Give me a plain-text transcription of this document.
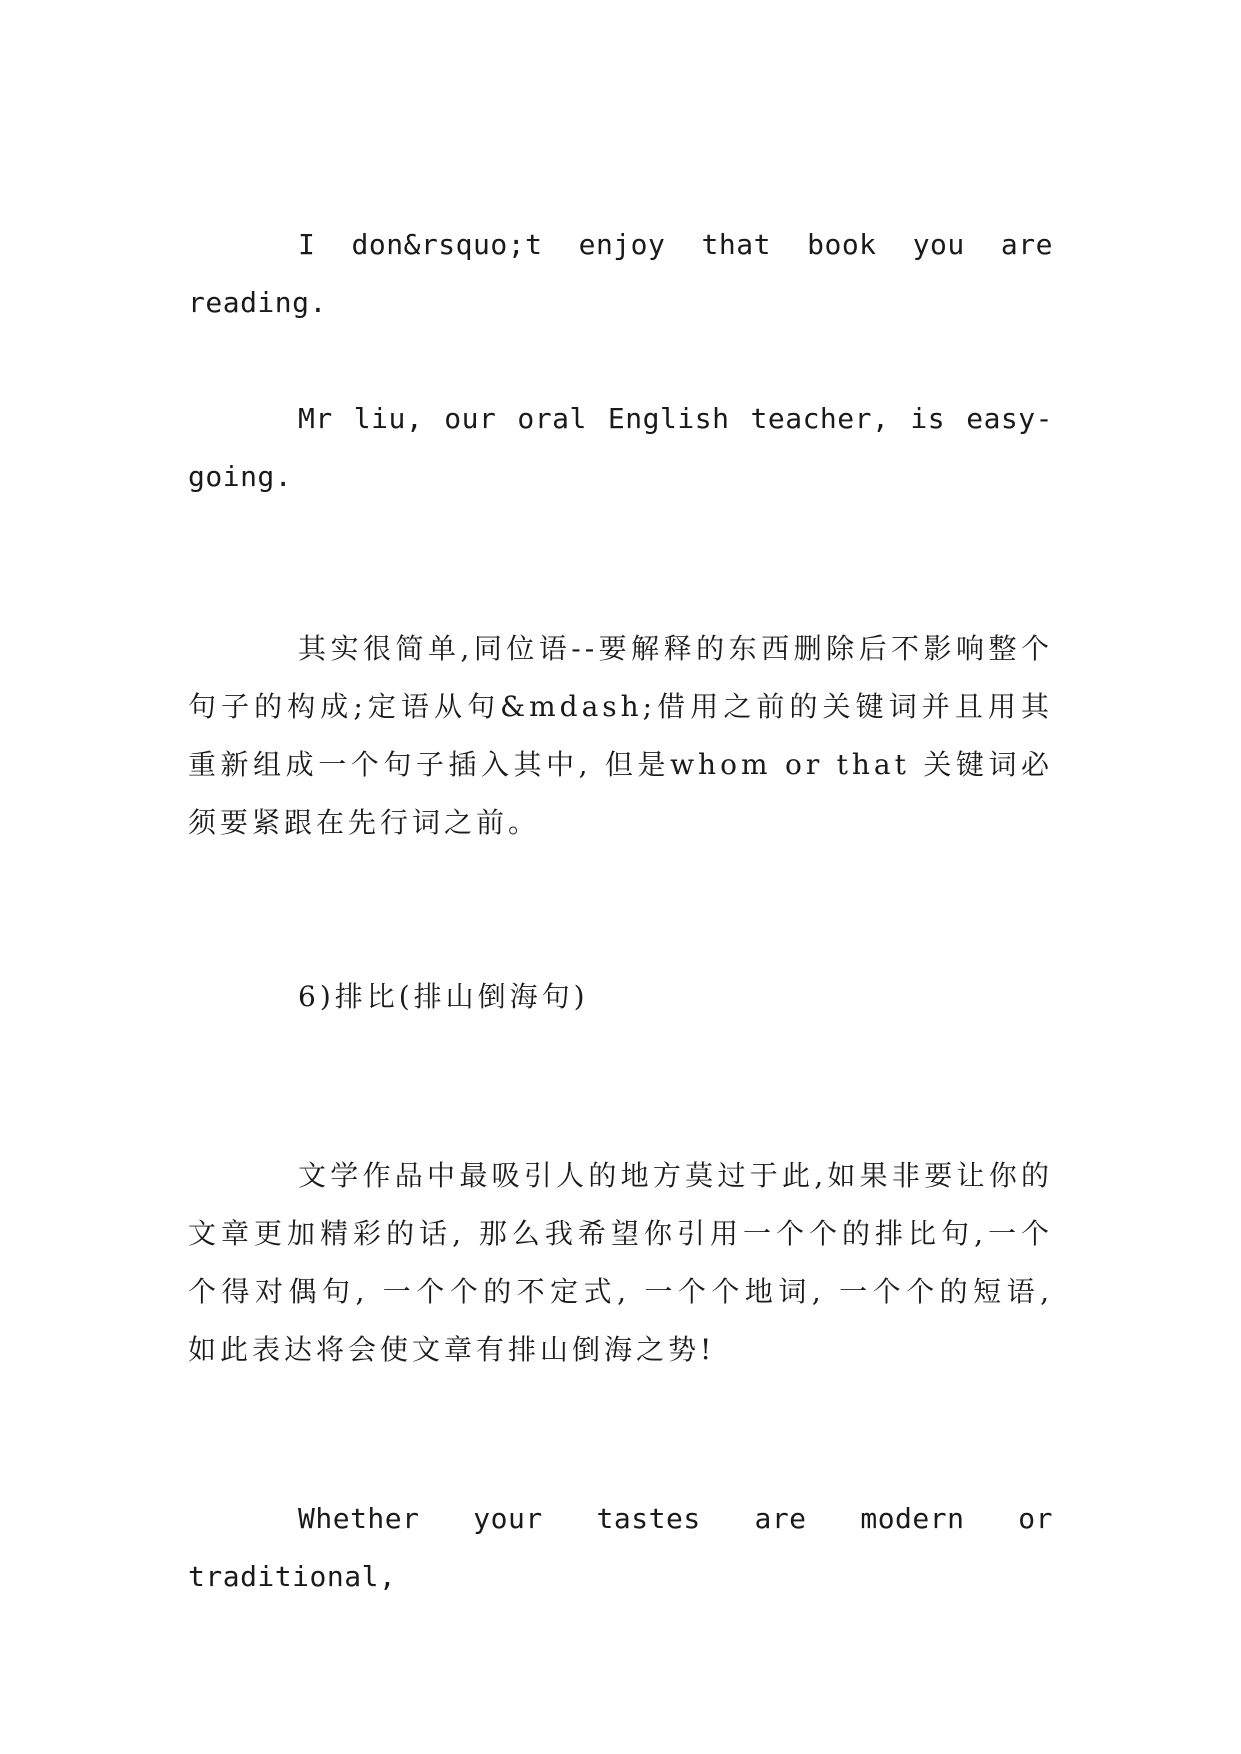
I don&rsquo;t enjoy that book you are reading.

Mr liu, our oral English teacher, is easy-going.

其实很简单,同位语--要解释的东西删除后不影响整个句子的构成;定语从句&mdash;借用之前的关键词并且用其重新组成一个句子插入其中, 但是whom or that 关键词必须要紧跟在先行词之前。

6)排比(排山倒海句)

文学作品中最吸引人的地方莫过于此,如果非要让你的文章更加精彩的话, 那么我希望你引用一个个的排比句,一个个得对偶句, 一个个的不定式, 一个个地词, 一个个的短语, 如此表达将会使文章有排山倒海之势!

Whether your tastes are modern or traditional,
